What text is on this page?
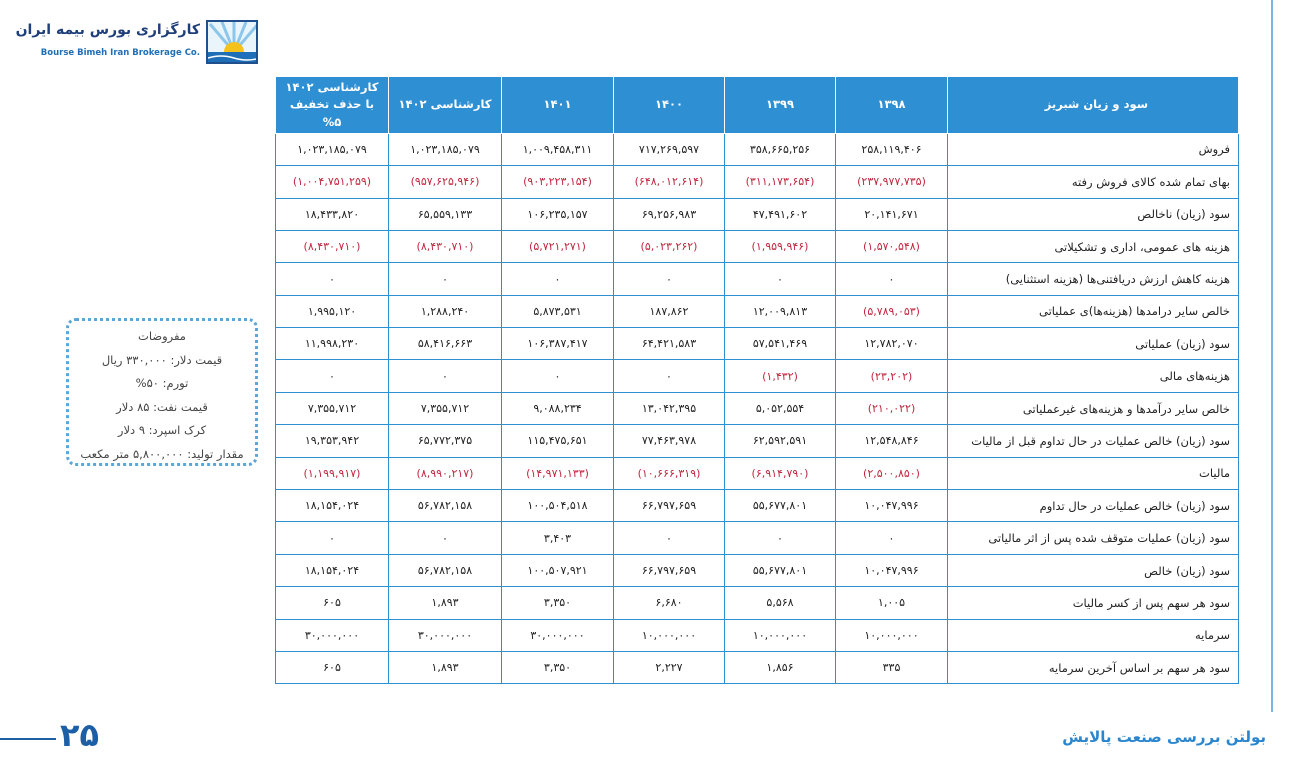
کارگزاری بورس بیمه ایران
Bourse Bimeh Iran Brokerage Co.
سود و زیان شبریز	۱۳۹۸	۱۳۹۹	۱۴۰۰	۱۴۰۱	کارشناسی ۱۴۰۲	کارشناسی ۱۴۰۲ با حذف تخفیف ۵%
فروش	۲۵۸,۱۱۹,۴۰۶	۳۵۸,۶۶۵,۲۵۶	۷۱۷,۲۶۹,۵۹۷	۱,۰۰۹,۴۵۸,۳۱۱	۱,۰۲۳,۱۸۵,۰۷۹	۱,۰۲۳,۱۸۵,۰۷۹
بهای تمام شده کالای فروش رفته	(۲۳۷,۹۷۷,۷۳۵)	(۳۱۱,۱۷۳,۶۵۴)	(۶۴۸,۰۱۲,۶۱۴)	(۹۰۳,۲۲۳,۱۵۴)	(۹۵۷,۶۲۵,۹۴۶)	(۱,۰۰۴,۷۵۱,۲۵۹)
سود (زیان) ناخالص	۲۰,۱۴۱,۶۷۱	۴۷,۴۹۱,۶۰۲	۶۹,۲۵۶,۹۸۳	۱۰۶,۲۳۵,۱۵۷	۶۵,۵۵۹,۱۳۳	۱۸,۴۳۳,۸۲۰
هزینه های عمومی، اداری و تشکیلاتی	(۱,۵۷۰,۵۴۸)	(۱,۹۵۹,۹۴۶)	(۵,۰۲۳,۲۶۲)	(۵,۷۲۱,۲۷۱)	(۸,۴۳۰,۷۱۰)	(۸,۴۳۰,۷۱۰)
هزینه کاهش ارزش دریافتنی‌ها (هزینه استثنایی)	۰	۰	۰	۰	۰	۰
خالص سایر درامدها (هزینه‌ها)ی عملیاتی	(۵,۷۸۹,۰۵۳)	۱۲,۰۰۹,۸۱۳	۱۸۷,۸۶۲	۵,۸۷۳,۵۳۱	۱,۲۸۸,۲۴۰	۱,۹۹۵,۱۲۰
سود (زیان) عملیاتی	۱۲,۷۸۲,۰۷۰	۵۷,۵۴۱,۴۶۹	۶۴,۴۲۱,۵۸۳	۱۰۶,۳۸۷,۴۱۷	۵۸,۴۱۶,۶۶۳	۱۱,۹۹۸,۲۳۰
هزینه‌های مالی	(۲۳,۲۰۲)	(۱,۴۳۲)	۰	۰	۰	۰
خالص سایر درآمدها و هزینه‌های غیرعملیاتی	(۲۱۰,۰۲۲)	۵,۰۵۲,۵۵۴	۱۳,۰۴۲,۳۹۵	۹,۰۸۸,۲۳۴	۷,۳۵۵,۷۱۲	۷,۳۵۵,۷۱۲
سود (زیان) خالص عملیات در حال تداوم قبل از مالیات	۱۲,۵۴۸,۸۴۶	۶۲,۵۹۲,۵۹۱	۷۷,۴۶۳,۹۷۸	۱۱۵,۴۷۵,۶۵۱	۶۵,۷۷۲,۳۷۵	۱۹,۳۵۳,۹۴۲
مالیات	(۲,۵۰۰,۸۵۰)	(۶,۹۱۴,۷۹۰)	(۱۰,۶۶۶,۳۱۹)	(۱۴,۹۷۱,۱۳۳)	(۸,۹۹۰,۲۱۷)	(۱,۱۹۹,۹۱۷)
سود (زیان) خالص عملیات در حال تداوم	۱۰,۰۴۷,۹۹۶	۵۵,۶۷۷,۸۰۱	۶۶,۷۹۷,۶۵۹	۱۰۰,۵۰۴,۵۱۸	۵۶,۷۸۲,۱۵۸	۱۸,۱۵۴,۰۲۴
سود (زیان) عملیات متوقف شده پس از اثر مالیاتی	۰	۰	۰	۳,۴۰۳	۰	۰
سود (زیان) خالص	۱۰,۰۴۷,۹۹۶	۵۵,۶۷۷,۸۰۱	۶۶,۷۹۷,۶۵۹	۱۰۰,۵۰۷,۹۲۱	۵۶,۷۸۲,۱۵۸	۱۸,۱۵۴,۰۲۴
سود هر سهم پس از کسر مالیات	۱,۰۰۵	۵,۵۶۸	۶,۶۸۰	۳,۳۵۰	۱,۸۹۳	۶۰۵
سرمایه	۱۰,۰۰۰,۰۰۰	۱۰,۰۰۰,۰۰۰	۱۰,۰۰۰,۰۰۰	۳۰,۰۰۰,۰۰۰	۳۰,۰۰۰,۰۰۰	۳۰,۰۰۰,۰۰۰
سود هر سهم بر اساس آخرین سرمایه	۳۳۵	۱,۸۵۶	۲,۲۲۷	۳,۳۵۰	۱,۸۹۳	۶۰۵
مفروضات
قیمت دلار: ۳۳۰,۰۰۰ ریال
تورم: ۵۰%
قیمت نفت: ۸۵ دلار
کرک اسپرد: ۹ دلار
مقدار تولید: ۵,۸۰۰,۰۰۰ متر مکعب
۲۵	بولتن بررسی صنعت پالایش
